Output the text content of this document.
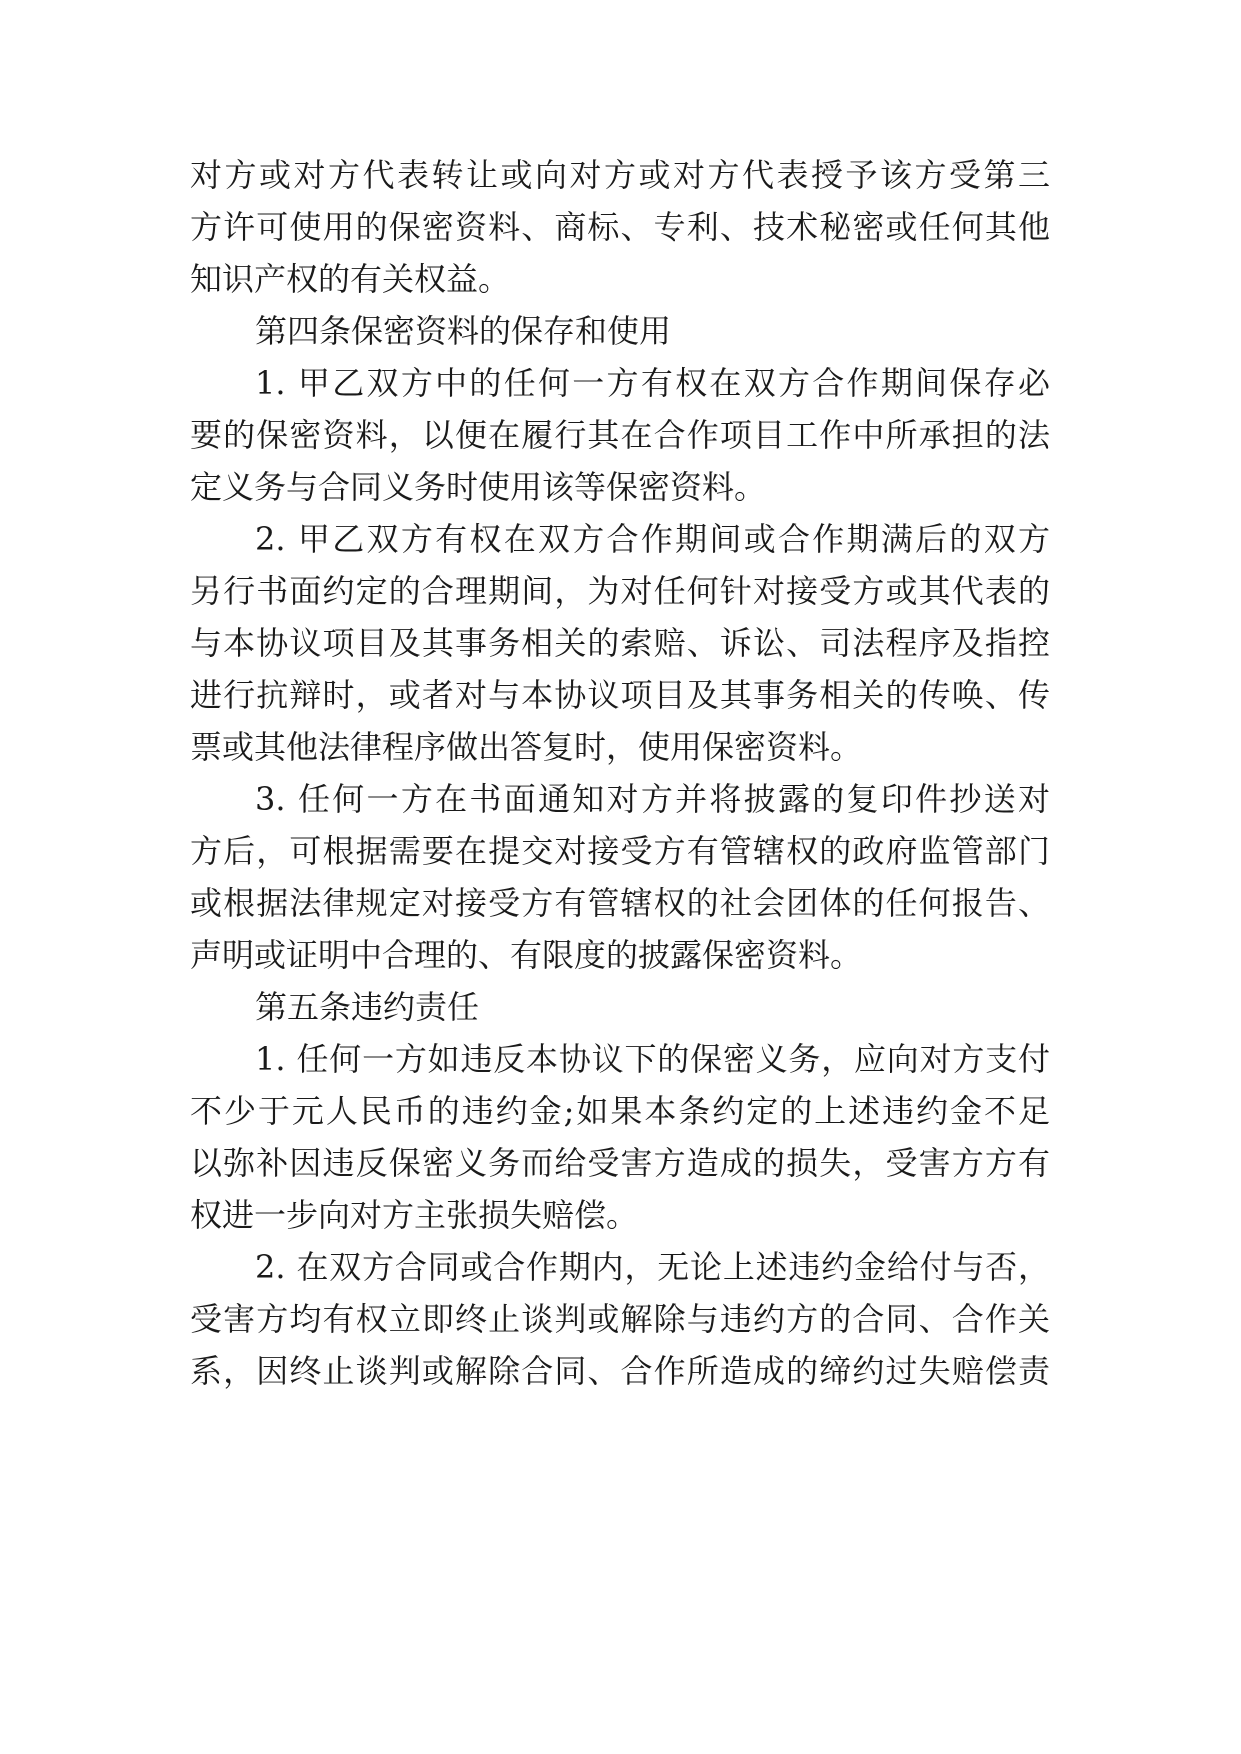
对方或对方代表转让或向对方或对方代表授予该方受第三

方许可使用的保密资料、商标、专利、技术秘密或任何其他

知识产权的有关权益。

第四条保密资料的保存和使用

1. 甲乙双方中的任何一方有权在双方合作期间保存必

要的保密资料，以便在履行其在合作项目工作中所承担的法

定义务与合同义务时使用该等保密资料。

2. 甲乙双方有权在双方合作期间或合作期满后的双方

另行书面约定的合理期间，为对任何针对接受方或其代表的

与本协议项目及其事务相关的索赔、诉讼、司法程序及指控

进行抗辩时，或者对与本协议项目及其事务相关的传唤、传

票或其他法律程序做出答复时，使用保密资料。

3. 任何一方在书面通知对方并将披露的复印件抄送对

方后，可根据需要在提交对接受方有管辖权的政府监管部门

或根据法律规定对接受方有管辖权的社会团体的任何报告、

声明或证明中合理的、有限度的披露保密资料。

第五条违约责任

1. 任何一方如违反本协议下的保密义务，应向对方支付

不少于元人民币的违约金;如果本条约定的上述违约金不足

以弥补因违反保密义务而给受害方造成的损失，受害方方有

权进一步向对方主张损失赔偿。

2. 在双方合同或合作期内，无论上述违约金给付与否，

受害方均有权立即终止谈判或解除与违约方的合同、合作关

系，因终止谈判或解除合同、合作所造成的缔约过失赔偿责
